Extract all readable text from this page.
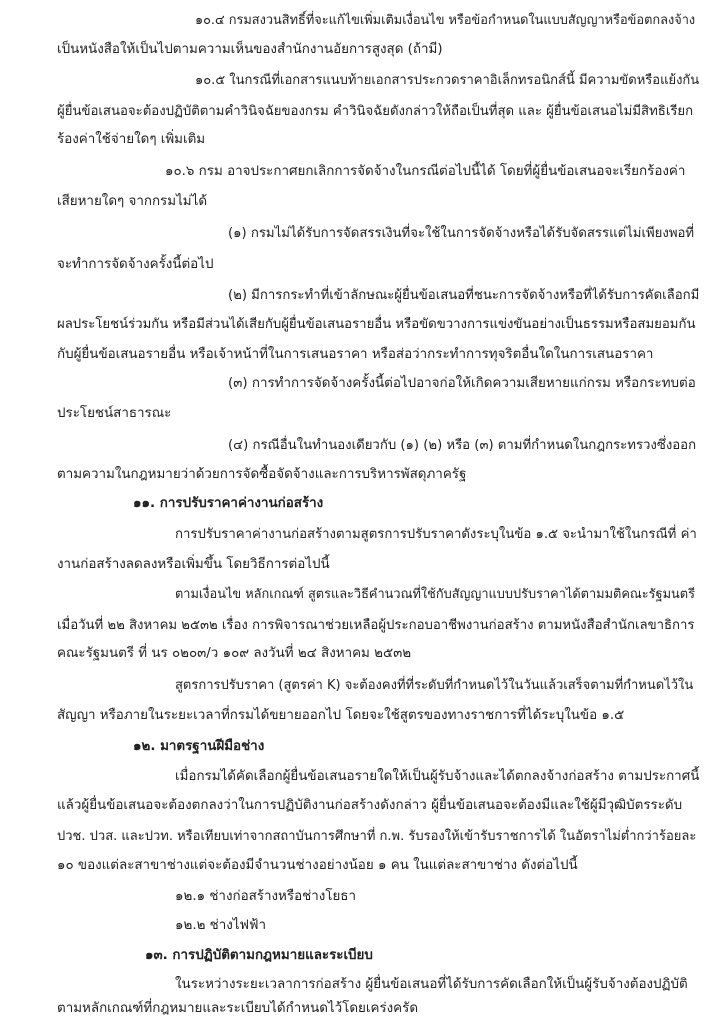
๑๐.๔ กรมสงวนสิทธิ์ที่จะแก้ไขเพิ่มเติมเงื่อนไข หรือข้อกำหนดในแบบสัญญาหรือข้อตกลงจ้าง
เป็นหนังสือให้เป็นไปตามความเห็นของสำนักงานอัยการสูงสุด (ถ้ามี)
๑๐.๕ ในกรณีที่เอกสารแนบท้ายเอกสารประกวดราคาอิเล็กทรอนิกส์นี้ มีความขัดหรือแย้งกัน
ผู้ยื่นข้อเสนอจะต้องปฏิบัติตามคำวินิจฉัยของกรม คำวินิจฉัยดังกล่าวให้ถือเป็นที่สุด และ ผู้ยื่นข้อเสนอไม่มีสิทธิเรียก
ร้องค่าใช้จ่ายใดๆ เพิ่มเติม
๑๐.๖ กรม อาจประกาศยกเลิกการจัดจ้างในกรณีต่อไปนี้ได้ โดยที่ผู้ยื่นข้อเสนอจะเรียกร้องค่า
เสียหายใดๆ จากกรมไม่ได้
(๑) กรมไม่ได้รับการจัดสรรเงินที่จะใช้ในการจัดจ้างหรือได้รับจัดสรรแต่ไม่เพียงพอที่
จะทำการจัดจ้างครั้งนี้ต่อไป
(๒) มีการกระทำที่เข้าลักษณะผู้ยื่นข้อเสนอที่ชนะการจัดจ้างหรือที่ได้รับการคัดเลือกมี
ผลประโยชน์ร่วมกัน หรือมีส่วนได้เสียกับผู้ยื่นข้อเสนอรายอื่น หรือขัดขวางการแข่งขันอย่างเป็นธรรมหรือสมยอมกัน
กับผู้ยื่นข้อเสนอรายอื่น หรือเจ้าหน้าที่ในการเสนอราคา หรือส่อว่ากระทำการทุจริตอื่นใดในการเสนอราคา
(๓) การทำการจัดจ้างครั้งนี้ต่อไปอาจก่อให้เกิดความเสียหายแก่กรม หรือกระทบต่อ
ประโยชน์สาธารณะ
(๔) กรณีอื่นในทำนองเดียวกับ (๑) (๒) หรือ (๓) ตามที่กำหนดในกฎกระทรวงซึ่งออก
ตามความในกฎหมายว่าด้วยการจัดซื้อจัดจ้างและการบริหารพัสดุภาครัฐ
๑๑. การปรับราคาค่างานก่อสร้าง
การปรับราคาค่างานก่อสร้างตามสูตรการปรับราคาดังระบุในข้อ ๑.๕ จะนำมาใช้ในกรณีที่ ค่า
งานก่อสร้างลดลงหรือเพิ่มขึ้น โดยวิธีการต่อไปนี้
ตามเงื่อนไข หลักเกณฑ์ สูตรและวิธีคำนวณที่ใช้กับสัญญาแบบปรับราคาได้ตามมติคณะรัฐมนตรี
เมื่อวันที่ ๒๒ สิงหาคม ๒๕๓๒ เรื่อง การพิจารณาช่วยเหลือผู้ประกอบอาชีพงานก่อสร้าง ตามหนังสือสำนักเลขาธิการ
คณะรัฐมนตรี ที่ นร ๐๒๐๓/ว ๑๐๙ ลงวันที่ ๒๔ สิงหาคม ๒๕๓๒
สูตรการปรับราคา (สูตรค่า K) จะต้องคงที่ที่ระดับที่กำหนดไว้ในวันแล้วเสร็จตามที่กำหนดไว้ใน
สัญญา หรือภายในระยะเวลาที่กรมได้ขยายออกไป โดยจะใช้สูตรของทางราชการที่ได้ระบุในข้อ ๑.๕
๑๒. มาตรฐานฝีมือช่าง
เมื่อกรมได้คัดเลือกผู้ยื่นข้อเสนอรายใดให้เป็นผู้รับจ้างและได้ตกลงจ้างก่อสร้าง ตามประกาศนี้
แล้วผู้ยื่นข้อเสนอจะต้องตกลงว่าในการปฏิบัติงานก่อสร้างดังกล่าว ผู้ยื่นข้อเสนอจะต้องมีและใช้ผู้มีวุฒิบัตรระดับ
ปวช. ปวส. และปวท. หรือเทียบเท่าจากสถาบันการศึกษาที่ ก.พ. รับรองให้เข้ารับราชการได้ ในอัตราไม่ต่ำกว่าร้อยละ
๑๐ ของแต่ละสาขาช่างแต่จะต้องมีจำนวนช่างอย่างน้อย ๑ คน ในแต่ละสาขาช่าง ดังต่อไปนี้
๑๒.๑ ช่างก่อสร้างหรือช่างโยธา
๑๒.๒ ช่างไฟฟ้า
๑๓. การปฏิบัติตามกฎหมายและระเบียบ
ในระหว่างระยะเวลาการก่อสร้าง ผู้ยื่นข้อเสนอที่ได้รับการคัดเลือกให้เป็นผู้รับจ้างต้องปฏิบัติ
ตามหลักเกณฑ์ที่กฎหมายและระเบียบได้กำหนดไว้โดยเคร่งครัด
